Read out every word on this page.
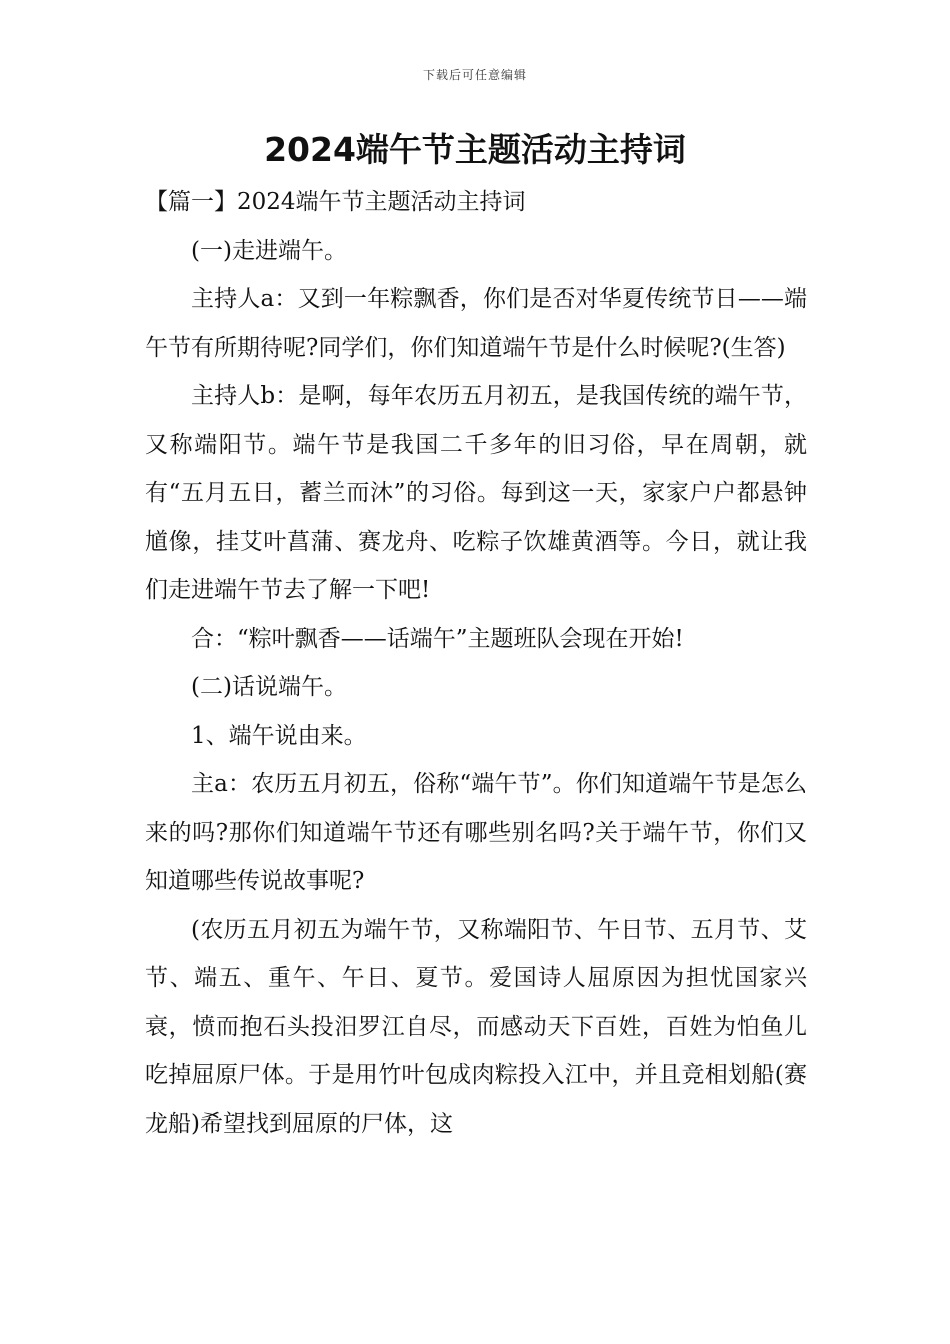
下载后可任意编辑
2024端午节主题活动主持词

【篇一】2024端午节主题活动主持词

(一)走进端午。

主持人a：又到一年粽飘香，你们是否对华夏传统节日——端午节有所期待呢?同学们，你们知道端午节是什么时候呢?(生答)

主持人b：是啊，每年农历五月初五，是我国传统的端午节，又称端阳节。端午节是我国二千多年的旧习俗，早在周朝，就有“五月五日，蓄兰而沐”的习俗。每到这一天，家家户户都悬钟馗像，挂艾叶菖蒲、赛龙舟、吃粽子饮雄黄酒等。今日，就让我们走进端午节去了解一下吧!

合：“粽叶飘香——话端午”主题班队会现在开始!

(二)话说端午。

1、端午说由来。

主a：农历五月初五，俗称“端午节”。你们知道端午节是怎么来的吗?那你们知道端午节还有哪些别名吗?关于端午节，你们又知道哪些传说故事呢?

(农历五月初五为端午节，又称端阳节、午日节、五月节、艾节、端五、重午、午日、夏节。爱国诗人屈原因为担忧国家兴衰，愤而抱石头投汨罗江自尽，而感动天下百姓，百姓为怕鱼儿吃掉屈原尸体。于是用竹叶包成肉粽投入江中，并且竞相划船(赛龙船)希望找到屈原的尸体，这
